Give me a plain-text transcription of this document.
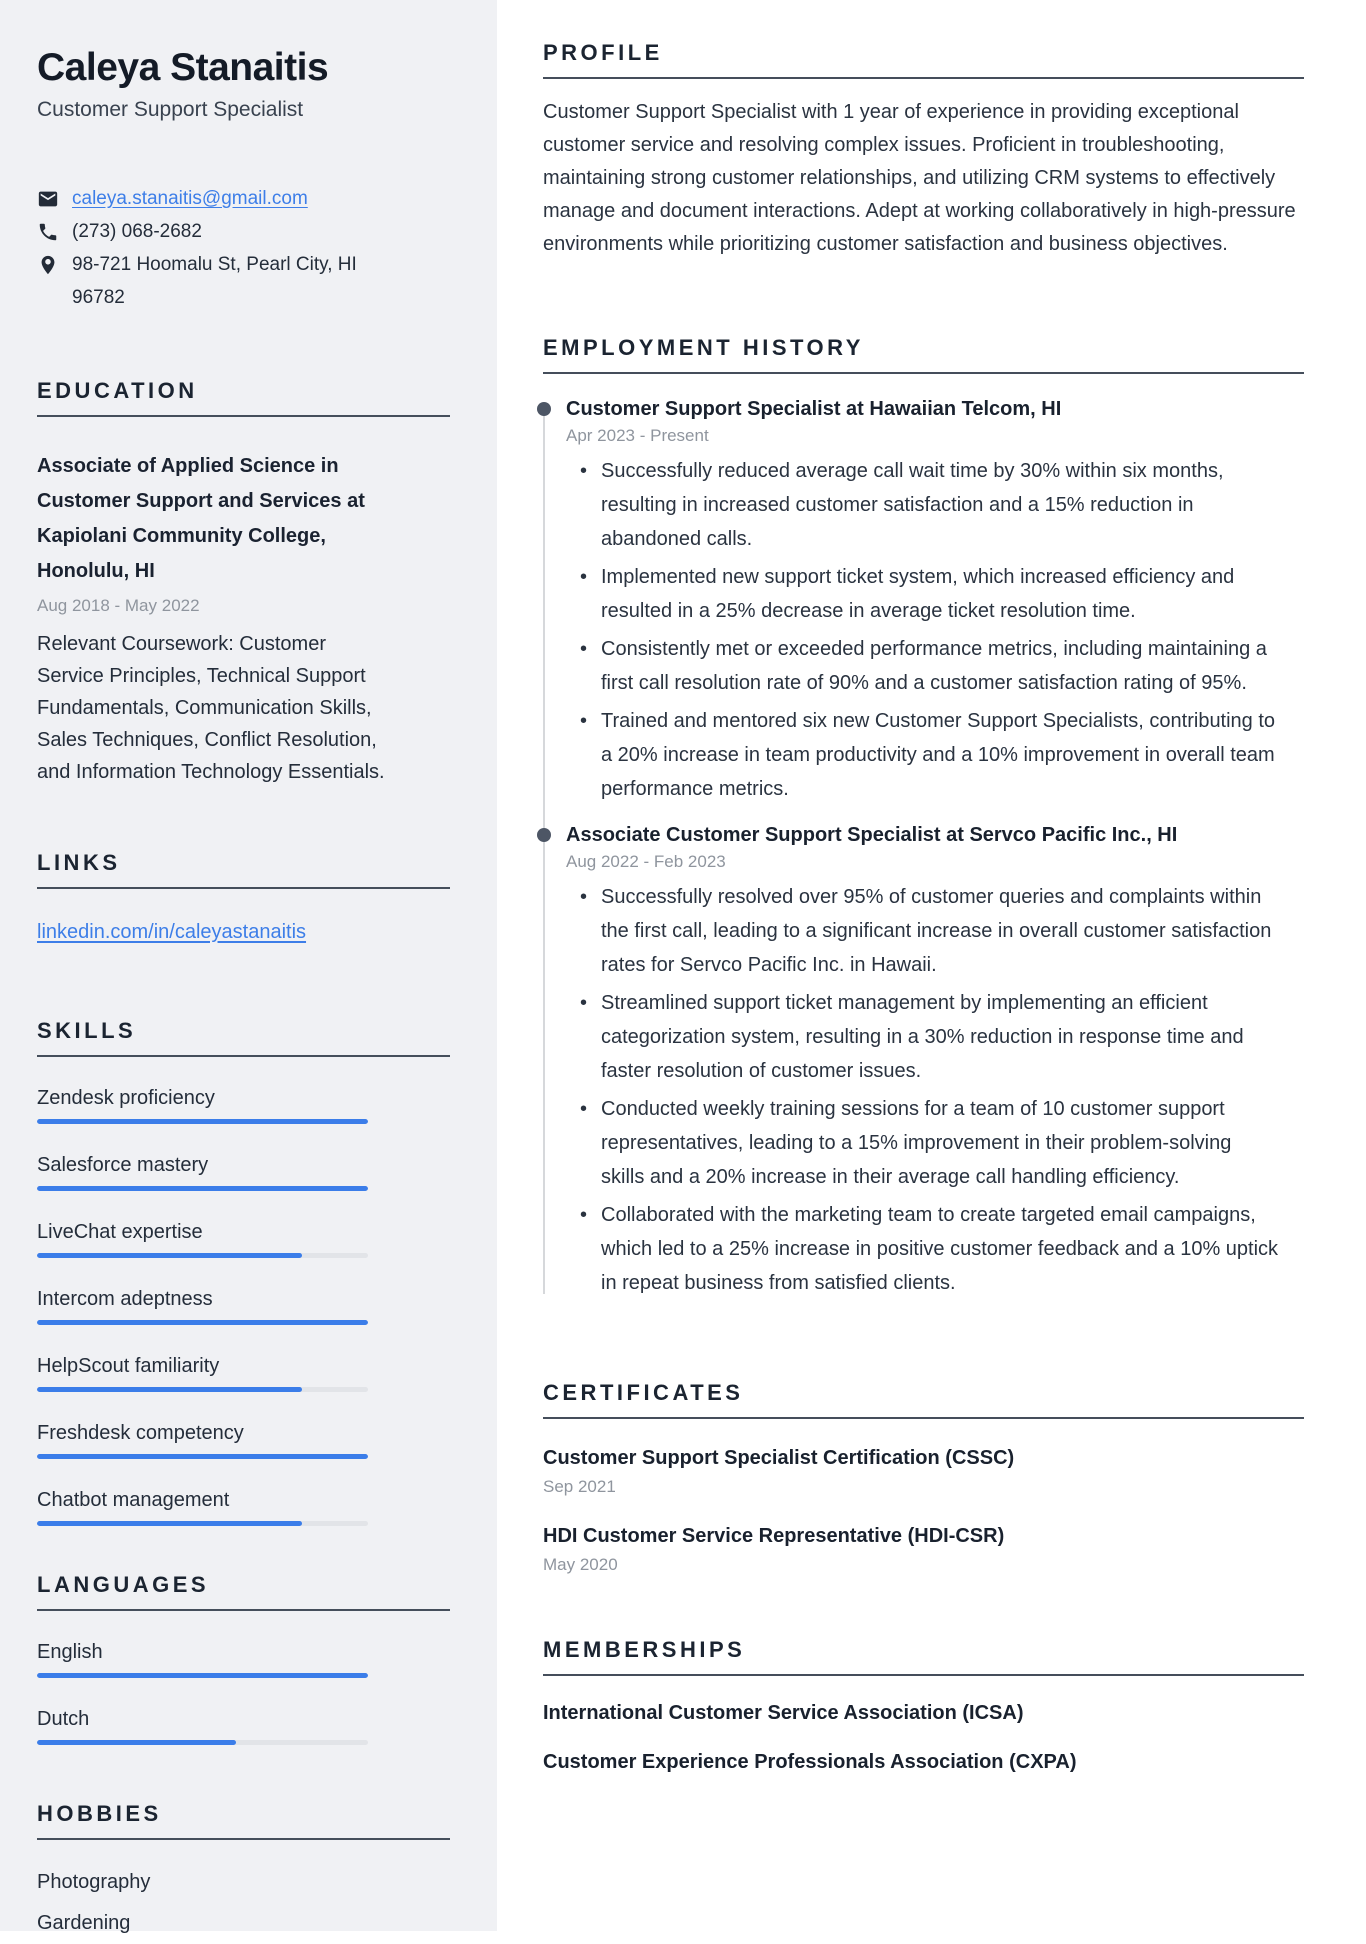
Caleya Stanaitis
Customer Support Specialist
caleya.stanaitis@gmail.com
(273) 068-2682
98-721 Hoomalu St, Pearl City, HI 96782
EDUCATION
Associate of Applied Science in Customer Support and Services at Kapiolani Community College, Honolulu, HI
Aug 2018 - May 2022
Relevant Coursework: Customer Service Principles, Technical Support Fundamentals, Communication Skills, Sales Techniques, Conflict Resolution, and Information Technology Essentials.
LINKS
linkedin.com/in/caleyastanaitis
SKILLS
Zendesk proficiency
Salesforce mastery
LiveChat expertise
Intercom adeptness
HelpScout familiarity
Freshdesk competency
Chatbot management
LANGUAGES
English
Dutch
HOBBIES
Photography
Gardening
PROFILE

Customer Support Specialist with 1 year of experience in providing exceptional customer service and resolving complex issues. Proficient in troubleshooting, maintaining strong customer relationships, and utilizing CRM systems to effectively manage and document interactions. Adept at working collaboratively in high-pressure environments while prioritizing customer satisfaction and business objectives.

EMPLOYMENT HISTORY
Customer Support Specialist at Hawaiian Telcom, HI
Apr 2023 - Present
• Successfully reduced average call wait time by 30% within six months, resulting in increased customer satisfaction and a 15% reduction in abandoned calls.
• Implemented new support ticket system, which increased efficiency and resulted in a 25% decrease in average ticket resolution time.
• Consistently met or exceeded performance metrics, including maintaining a first call resolution rate of 90% and a customer satisfaction rating of 95%.
• Trained and mentored six new Customer Support Specialists, contributing to a 20% increase in team productivity and a 10% improvement in overall team performance metrics.
Associate Customer Support Specialist at Servco Pacific Inc., HI
Aug 2022 - Feb 2023
• Successfully resolved over 95% of customer queries and complaints within the first call, leading to a significant increase in overall customer satisfaction rates for Servco Pacific Inc. in Hawaii.
• Streamlined support ticket management by implementing an efficient categorization system, resulting in a 30% reduction in response time and faster resolution of customer issues.
• Conducted weekly training sessions for a team of 10 customer support representatives, leading to a 15% improvement in their problem-solving skills and a 20% increase in their average call handling efficiency.
• Collaborated with the marketing team to create targeted email campaigns, which led to a 25% increase in positive customer feedback and a 10% uptick in repeat business from satisfied clients.
CERTIFICATES
Customer Support Specialist Certification (CSSC)
Sep 2021
HDI Customer Service Representative (HDI-CSR)
May 2020
MEMBERSHIPS
International Customer Service Association (ICSA)
Customer Experience Professionals Association (CXPA)
